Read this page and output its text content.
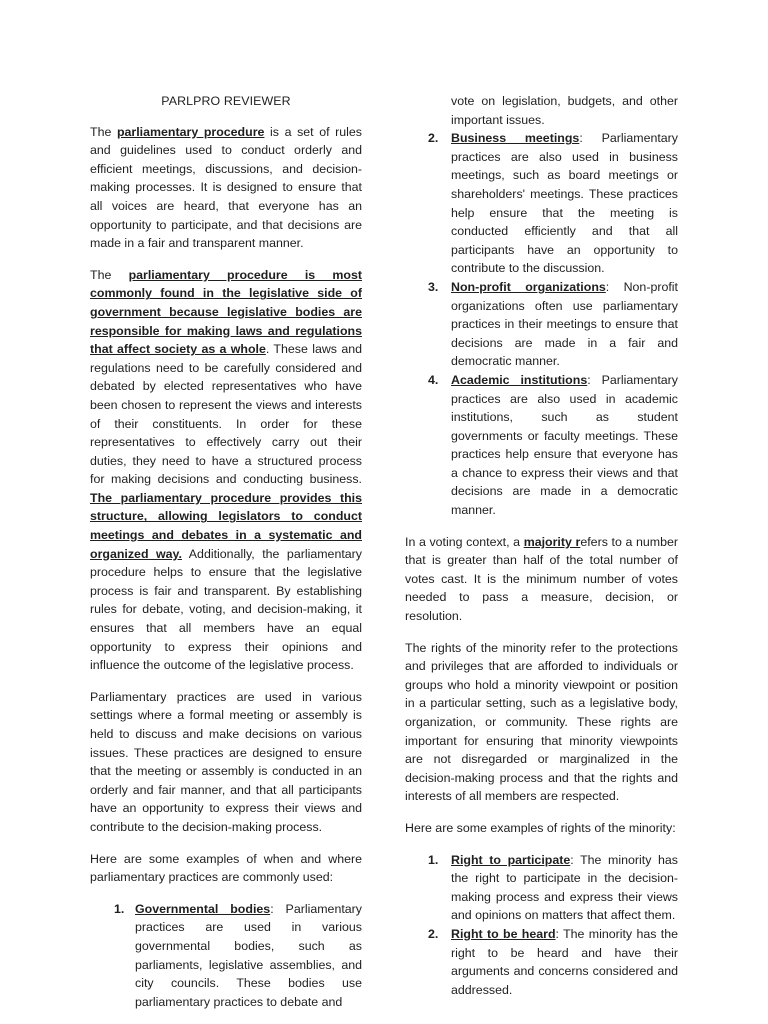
PARLPRO REVIEWER

The parliamentary procedure is a set of rules and guidelines used to conduct orderly and efficient meetings, discussions, and decision-making processes. It is designed to ensure that all voices are heard, that everyone has an opportunity to participate, and that decisions are made in a fair and transparent manner.

The parliamentary procedure is most commonly found in the legislative side of government because legislative bodies are responsible for making laws and regulations that affect society as a whole. These laws and regulations need to be carefully considered and debated by elected representatives who have been chosen to represent the views and interests of their constituents. In order for these representatives to effectively carry out their duties, they need to have a structured process for making decisions and conducting business. The parliamentary procedure provides this structure, allowing legislators to conduct meetings and debates in a systematic and organized way. Additionally, the parliamentary procedure helps to ensure that the legislative process is fair and transparent. By establishing rules for debate, voting, and decision-making, it ensures that all members have an equal opportunity to express their opinions and influence the outcome of the legislative process.

Parliamentary practices are used in various settings where a formal meeting or assembly is held to discuss and make decisions on various issues. These practices are designed to ensure that the meeting or assembly is conducted in an orderly and fair manner, and that all participants have an opportunity to express their views and contribute to the decision-making process.

Here are some examples of when and where parliamentary practices are commonly used:

1. Governmental bodies: Parliamentary practices are used in various governmental bodies, such as parliaments, legislative assemblies, and city councils. These bodies use parliamentary practices to debate and
vote on legislation, budgets, and other important issues.
2. Business meetings: Parliamentary practices are also used in business meetings, such as board meetings or shareholders' meetings. These practices help ensure that the meeting is conducted efficiently and that all participants have an opportunity to contribute to the discussion.
3. Non-profit organizations: Non-profit organizations often use parliamentary practices in their meetings to ensure that decisions are made in a fair and democratic manner.
4. Academic institutions: Parliamentary practices are also used in academic institutions, such as student governments or faculty meetings. These practices help ensure that everyone has a chance to express their views and that decisions are made in a democratic manner.

In a voting context, a majority refers to a number that is greater than half of the total number of votes cast. It is the minimum number of votes needed to pass a measure, decision, or resolution.

The rights of the minority refer to the protections and privileges that are afforded to individuals or groups who hold a minority viewpoint or position in a particular setting, such as a legislative body, organization, or community. These rights are important for ensuring that minority viewpoints are not disregarded or marginalized in the decision-making process and that the rights and interests of all members are respected.

Here are some examples of rights of the minority:

1. Right to participate: The minority has the right to participate in the decision-making process and express their views and opinions on matters that affect them.
2. Right to be heard: The minority has the right to be heard and have their arguments and concerns considered and addressed.
